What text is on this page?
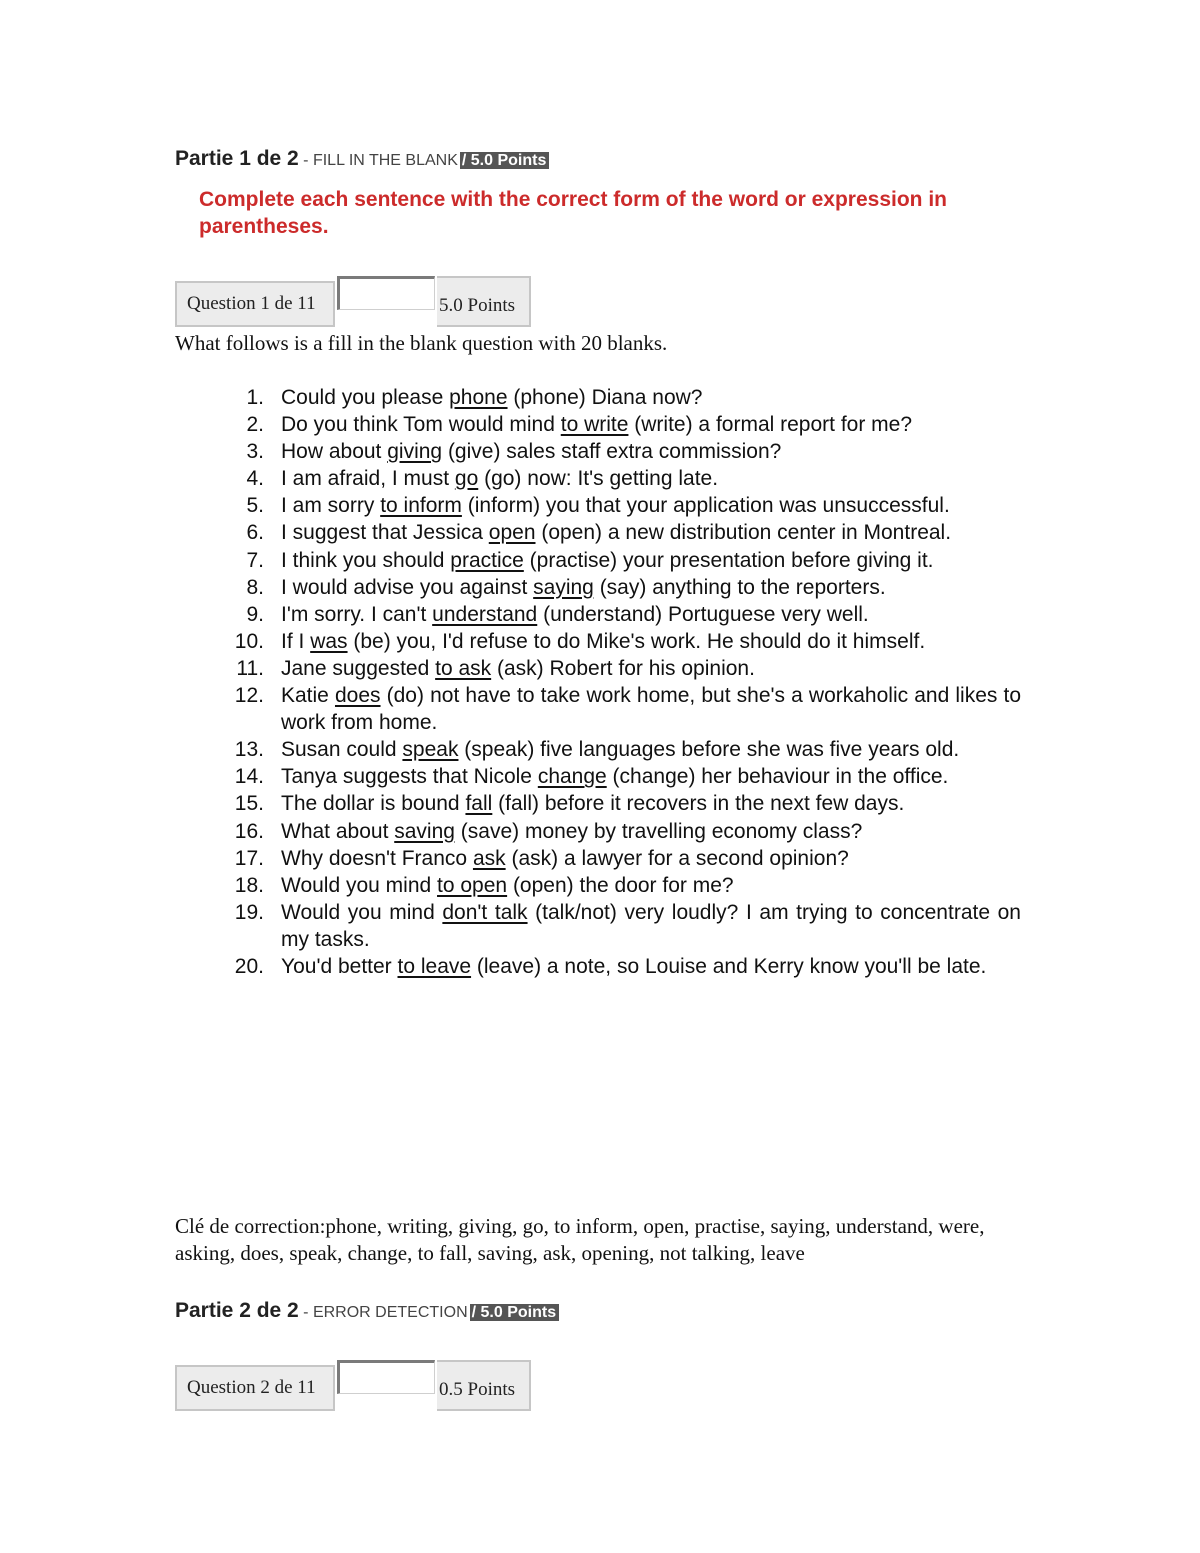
Partie 1 de 2 - FILL IN THE BLANK / 5.0 Points
Complete each sentence with the correct form of the word or expression in parentheses.
Question 1 de 11	5.0 Points
What follows is a fill in the blank question with 20 blanks.
1. Could you please phone (phone) Diana now?
2. Do you think Tom would mind to write (write) a formal report for me?
3. How about giving (give) sales staff extra commission?
4. I am afraid, I must go (go) now: It's getting late.
5. I am sorry to inform (inform) you that your application was unsuccessful.
6. I suggest that Jessica open (open) a new distribution center in Montreal.
7. I think you should practice (practise) your presentation before giving it.
8. I would advise you against saying (say) anything to the reporters.
9. I'm sorry. I can't understand (understand) Portuguese very well.
10. If I was (be) you, I'd refuse to do Mike's work. He should do it himself.
11. Jane suggested to ask (ask) Robert for his opinion.
12. Katie does (do) not have to take work home, but she's a workaholic and likes to work from home.
13. Susan could speak (speak) five languages before she was five years old.
14. Tanya suggests that Nicole change (change) her behaviour in the office.
15. The dollar is bound fall (fall) before it recovers in the next few days.
16. What about saving (save) money by travelling economy class?
17. Why doesn't Franco ask (ask) a lawyer for a second opinion?
18. Would you mind to open (open) the door for me?
19. Would you mind don't talk (talk/not) very loudly? I am trying to concentrate on my tasks.
20. You'd better to leave (leave) a note, so Louise and Kerry know you'll be late.
Clé de correction:phone, writing, giving, go, to inform, open, practise, saying, understand, were, asking, does, speak, change, to fall, saving, ask, opening, not talking, leave
Partie 2 de 2 - ERROR DETECTION / 5.0 Points
Question 2 de 11	0.5 Points
